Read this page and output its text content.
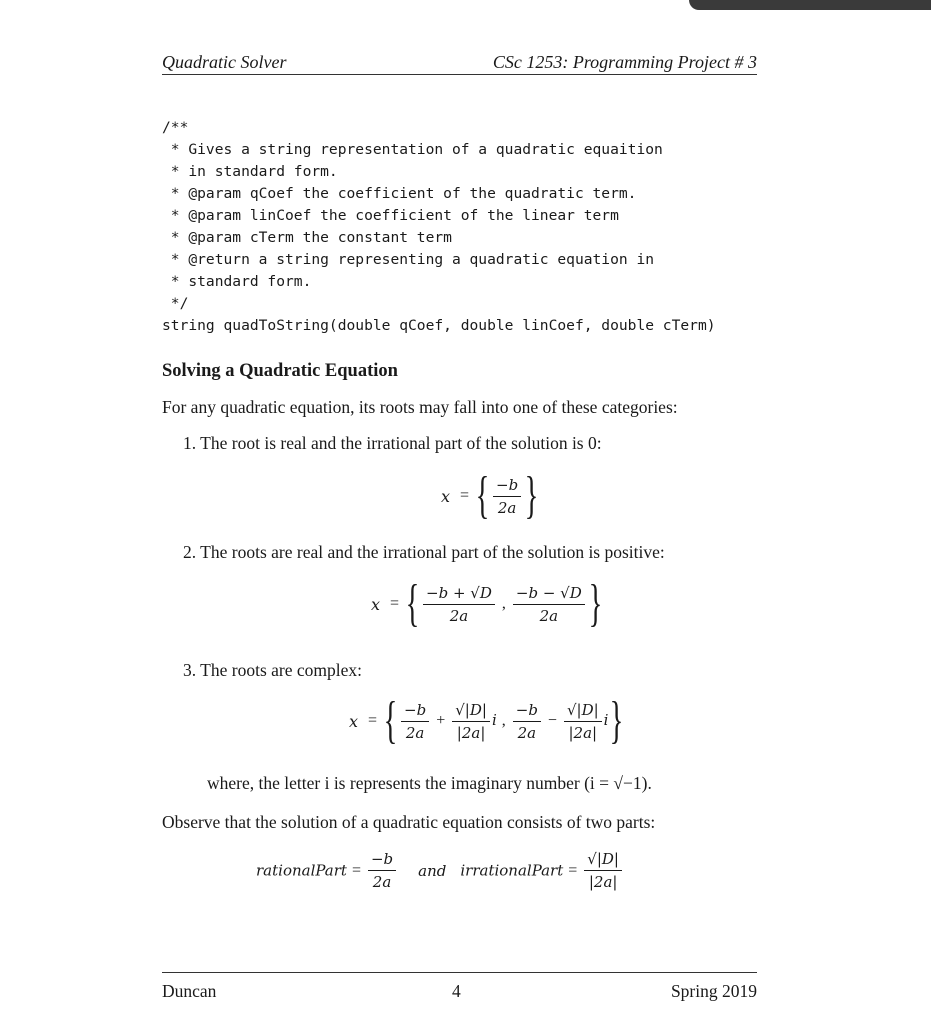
Quadratic Solver	CSc 1253: Programming Project # 3
/**
* Gives a string representation of a quadratic equaition
* in standard form.
* @param qCoef the coefficient of the quadratic term.
* @param linCoef the coefficient of the linear term
* @param cTerm the constant term
* @return a string representing a quadratic equation in
* standard form.
*/
string quadToString(double qCoef, double linCoef, double cTerm)
Solving a Quadratic Equation
For any quadratic equation, its roots may fall into one of these categories:
1. The root is real and the irrational part of the solution is 0:
x = { $\frac{-b}{2a}$ }
2. The roots are real and the irrational part of the solution is positive:
x = { $\frac{-b + √D}{2a}$ , $\frac{-b - √D}{2a}$ }
3. The roots are complex:
x = { $\frac{-b}{2a} + \frac{√|D|}{|2a|}$ i , $\frac{-b}{2a} - \frac{√|D|}{|2a|} i$}
where, the letter i is represents the imaginary number (i = √−1).
Observe that the solution of a quadratic equation consists of two parts:
rationalPart = $\frac{-b}{2a}$ and irrationalPart = $\frac{√|D|}{|2a|}$
Duncan	4	Spring 2019
